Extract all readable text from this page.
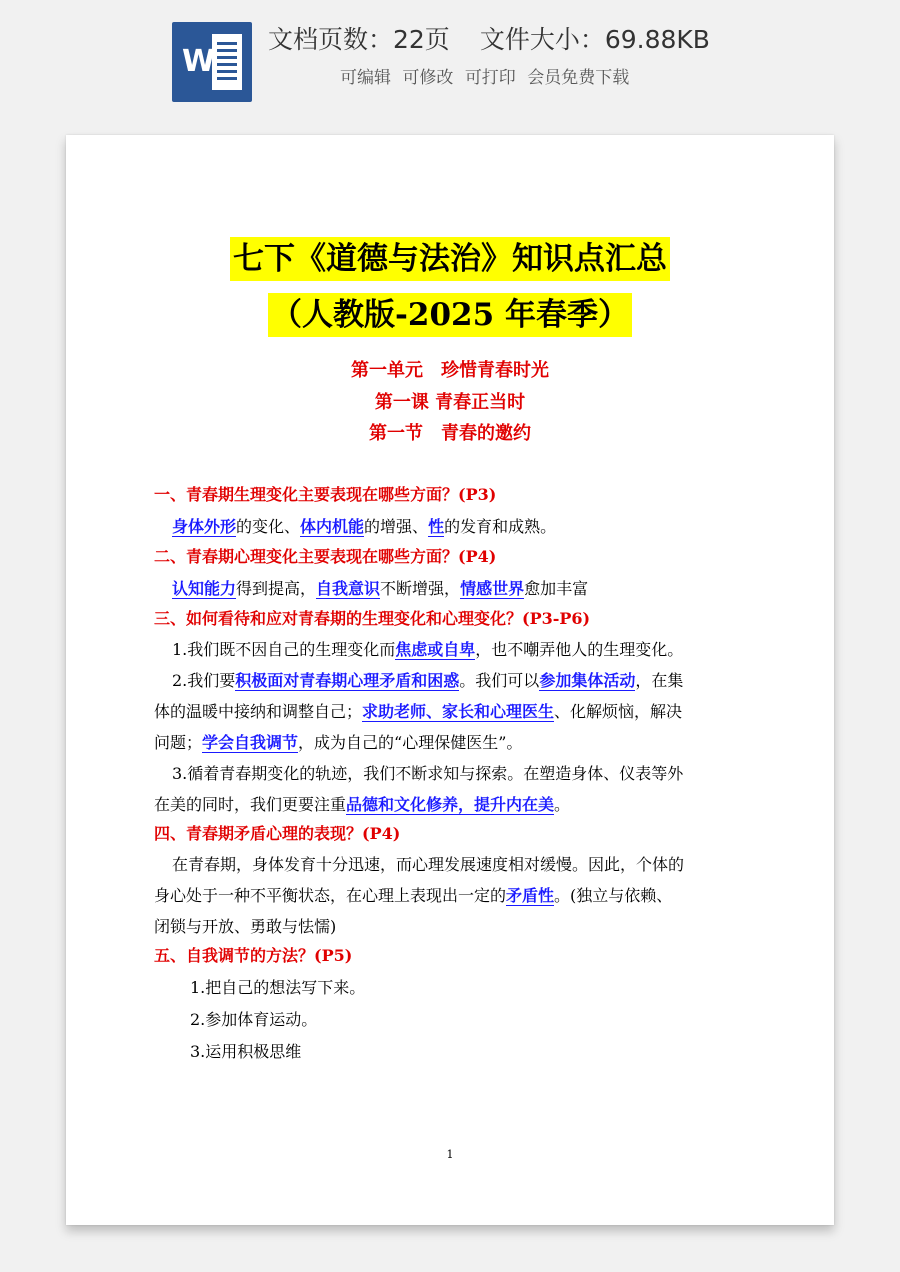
W
文档页数：22页 文件大小：69.88KB
可编辑 可修改 可打印 会员免费下载
七下《道德与法治》知识点汇总
（人教版-2025 年春季）
第一单元　珍惜青春时光
第一课 青春正当时
第一节　青春的邀约
一、青春期生理变化主要表现在哪些方面？(P3)
身体外形的变化、体内机能的增强、性的发育和成熟。
二、青春期心理变化主要表现在哪些方面？(P4)
认知能力得到提高，自我意识不断增强，情感世界愈加丰富
三、如何看待和应对青春期的生理变化和心理变化？(P3-P6)
1.我们既不因自己的生理变化而焦虑或自卑，也不嘲弄他人的生理变化。
2.我们要积极面对青春期心理矛盾和困惑。我们可以参加集体活动，在集
体的温暖中接纳和调整自己；求助老师、家长和心理医生、化解烦恼，解决
问题；学会自我调节，成为自己的“心理保健医生”。
3.循着青春期变化的轨迹，我们不断求知与探索。在塑造身体、仪表等外
在美的同时，我们更要注重品德和文化修养，提升内在美。
四、青春期矛盾心理的表现？(P4)
在青春期，身体发育十分迅速，而心理发展速度相对缓慢。因此，个体的
身心处于一种不平衡状态，在心理上表现出一定的矛盾性。(独立与依赖、
闭锁与开放、勇敢与怯懦)
五、自我调节的方法？(P5)
1.把自己的想法写下来。
2.参加体育运动。
3.运用积极思维
1
